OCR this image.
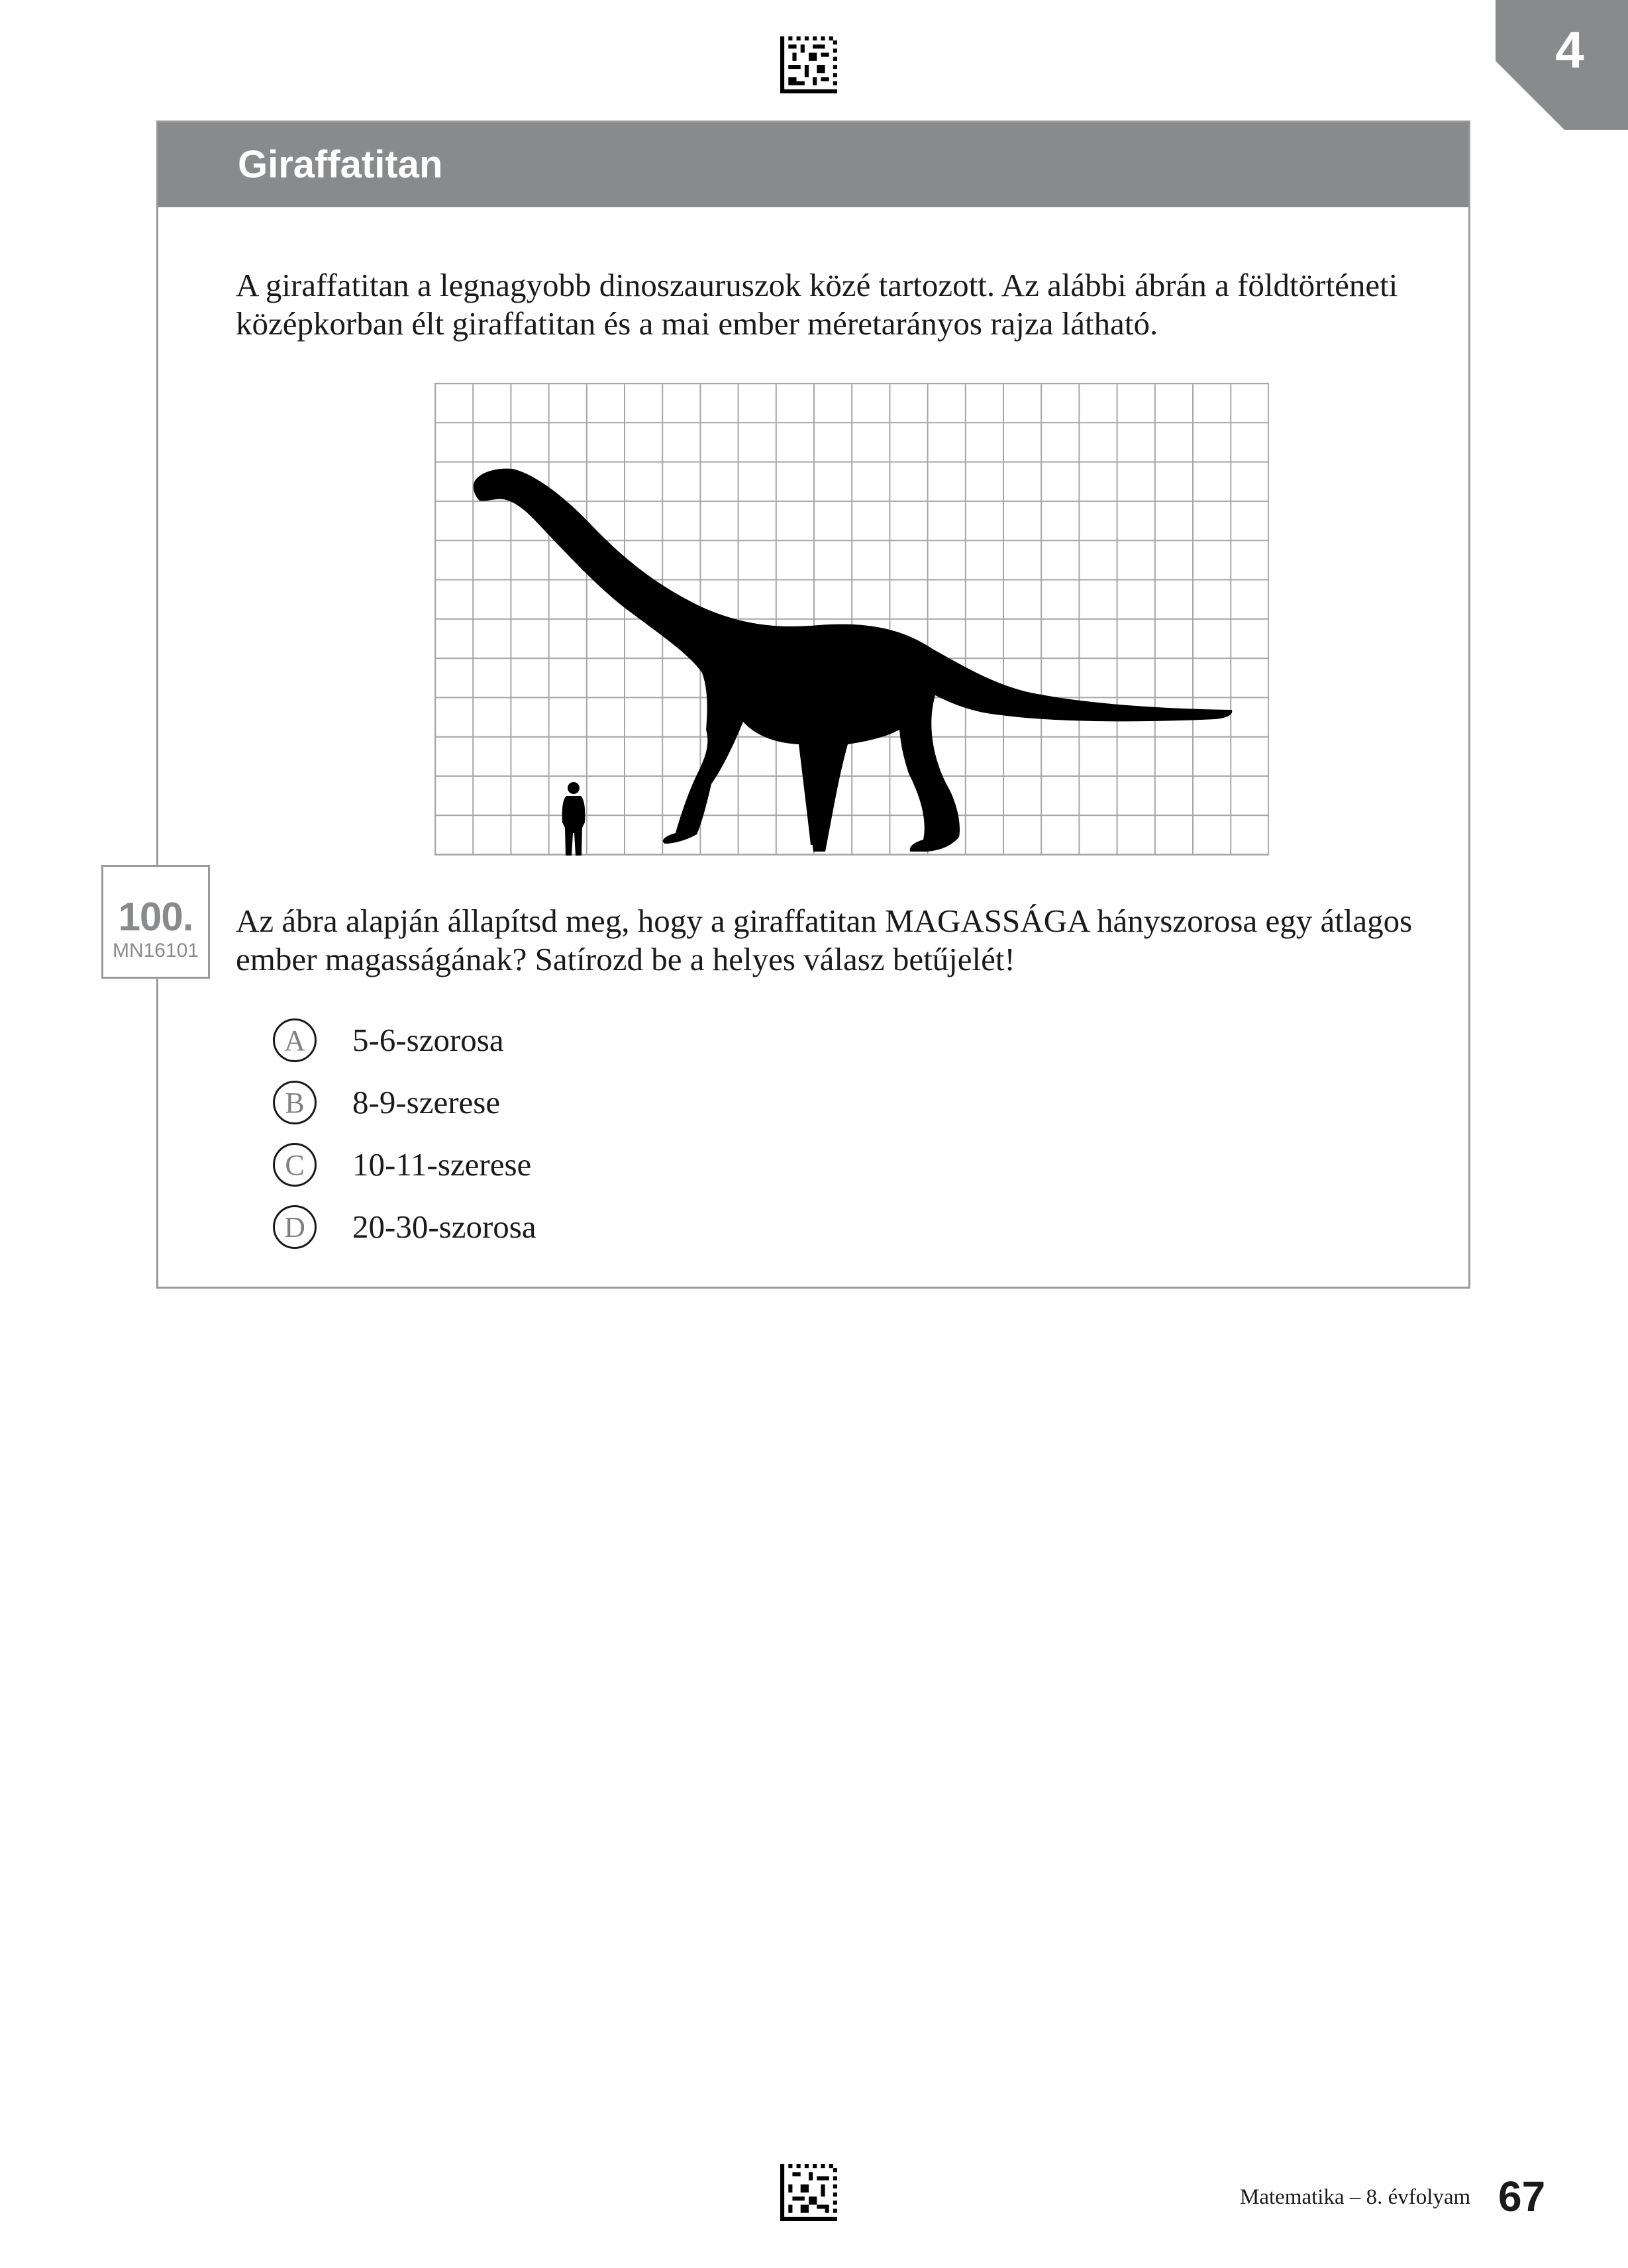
4
Giraffatitan
A giraffatitan a legnagyobb dinoszauruszok közé tartozott. Az alábbi ábrán a földtörténeti középkorban élt giraffatitan és a mai ember méretarányos rajza látható.
100.
MN16101
Az ábra alapján állapítsd meg, hogy a giraffatitan MAGASSÁGA hányszorosa egy átlagos ember magasságának? Satírozd be a helyes válasz betűjelét!
A	5-6-szorosa
B	8-9-szerese
C	10-11-szerese
D	20-30-szorosa
Matematika – 8. évfolyam 67
